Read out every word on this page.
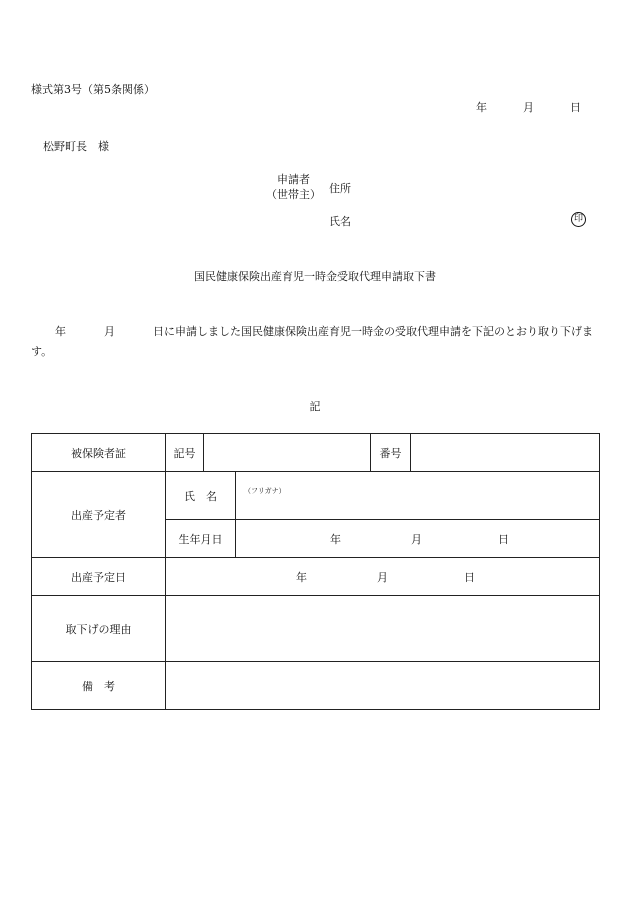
様式第3号（第5条関係）
年	月	日
松野町長　様
申請者
（世帯主） 住所
氏名	印
国民健康保険出産育児一時金受取代理申請取下書
年	月	日に申請しました国民健康保険出産育児一時金の受取代理申請を下記のとおり取り下げます。
記
被保険者証	記号			番号	
出産予定者	氏　名		（フリガナ）		

	生年月日		年 月 日		
出産予定日	年 月 日				
取下げの理由					
備　考					
